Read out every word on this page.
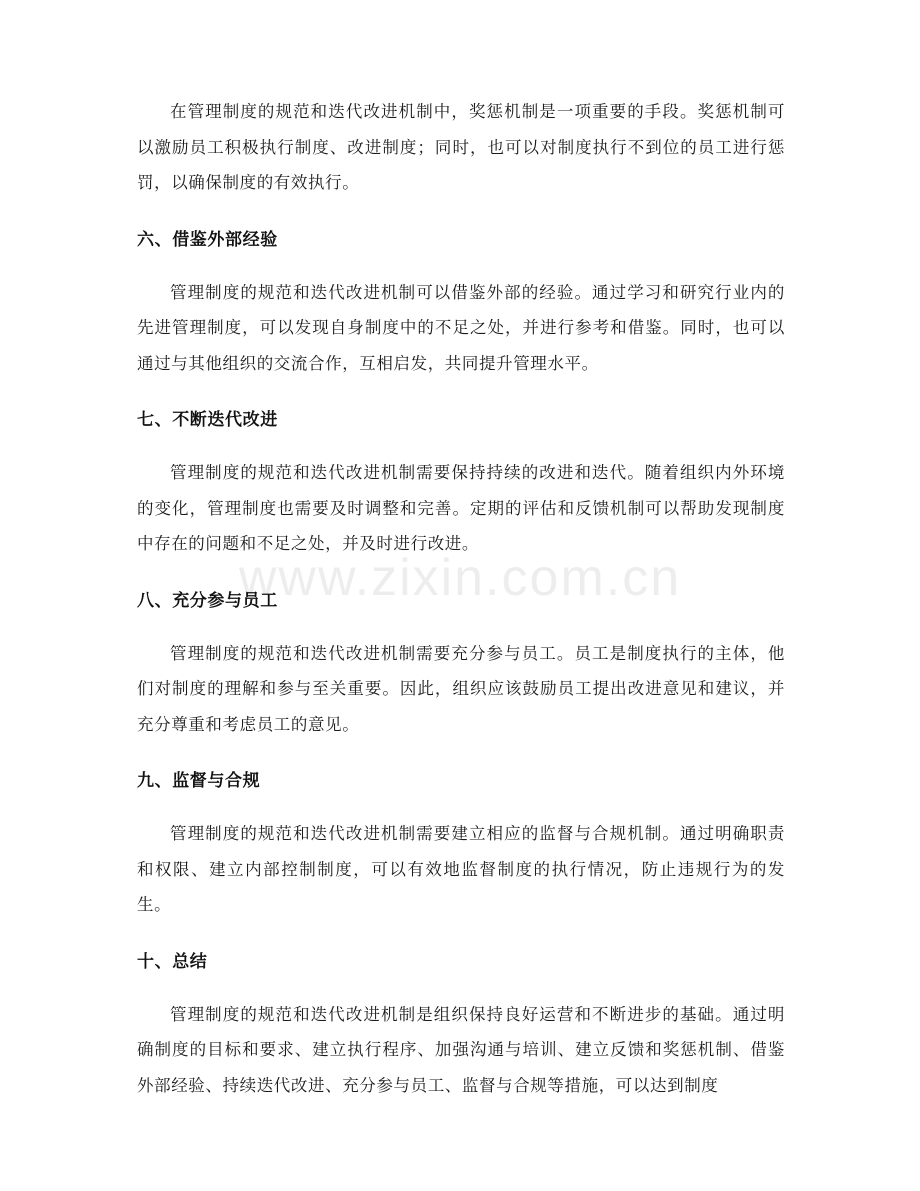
在管理制度的规范和迭代改进机制中，奖惩机制是一项重要的手段。奖惩机制可以激励员工积极执行制度、改进制度；同时，也可以对制度执行不到位的员工进行惩罚，以确保制度的有效执行。

六、借鉴外部经验

管理制度的规范和迭代改进机制可以借鉴外部的经验。通过学习和研究行业内的先进管理制度，可以发现自身制度中的不足之处，并进行参考和借鉴。同时，也可以通过与其他组织的交流合作，互相启发，共同提升管理水平。

七、不断迭代改进

管理制度的规范和迭代改进机制需要保持持续的改进和迭代。随着组织内外环境的变化，管理制度也需要及时调整和完善。定期的评估和反馈机制可以帮助发现制度中存在的问题和不足之处，并及时进行改进。

八、充分参与员工

管理制度的规范和迭代改进机制需要充分参与员工。员工是制度执行的主体，他们对制度的理解和参与至关重要。因此，组织应该鼓励员工提出改进意见和建议，并充分尊重和考虑员工的意见。

九、监督与合规

管理制度的规范和迭代改进机制需要建立相应的监督与合规机制。通过明确职责和权限、建立内部控制制度，可以有效地监督制度的执行情况，防止违规行为的发生。

十、总结

管理制度的规范和迭代改进机制是组织保持良好运营和不断进步的基础。通过明确制度的目标和要求、建立执行程序、加强沟通与培训、建立反馈和奖惩机制、借鉴外部经验、持续迭代改进、充分参与员工、监督与合规等措施，可以达到制度

www.zixin.com.cn
